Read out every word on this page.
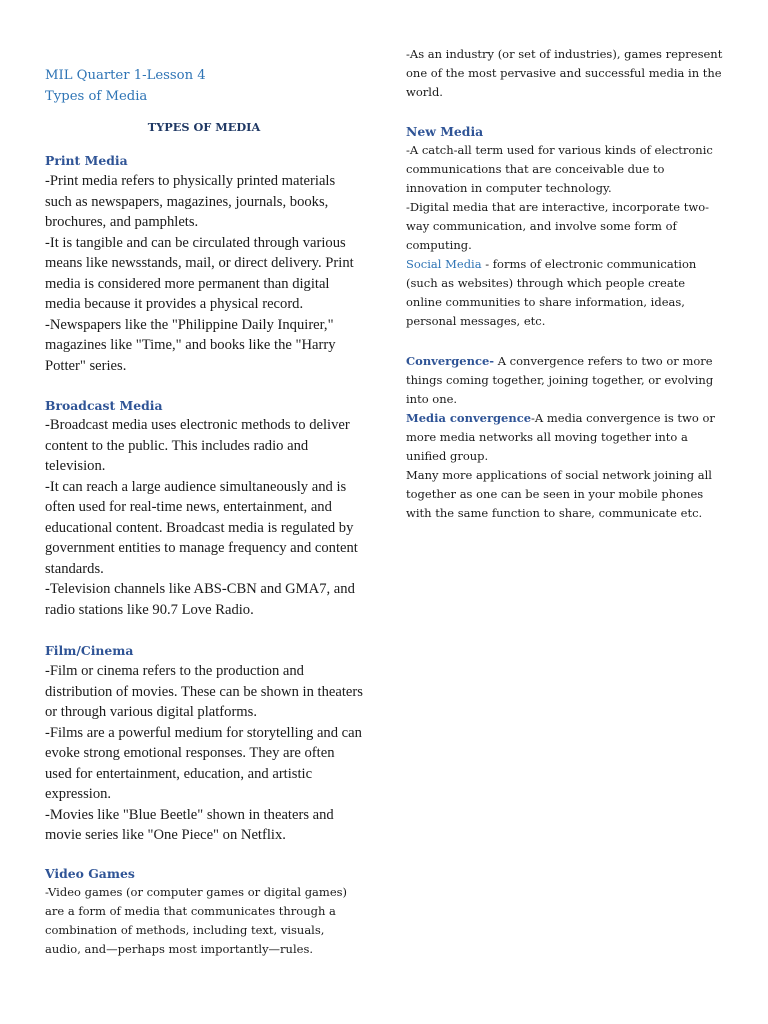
MIL Quarter 1-Lesson 4
Types of Media
TYPES OF MEDIA
Print Media

-Print media refers to physically printed materials such as newspapers, magazines, journals, books, brochures, and pamphlets.

-It is tangible and can be circulated through various means like newsstands, mail, or direct delivery. Print media is considered more permanent than digital media because it provides a physical record.

-Newspapers like the "Philippine Daily Inquirer," magazines like "Time," and books like the "Harry Potter" series.

Broadcast Media

-Broadcast media uses electronic methods to deliver content to the public. This includes radio and television.

-It can reach a large audience simultaneously and is often used for real-time news, entertainment, and educational content. Broadcast media is regulated by government entities to manage frequency and content standards.

-Television channels like ABS-CBN and GMA7, and radio stations like 90.7 Love Radio.

Film/Cinema

-Film or cinema refers to the production and distribution of movies. These can be shown in theaters or through various digital platforms.

-Films are a powerful medium for storytelling and can evoke strong emotional responses. They are often used for entertainment, education, and artistic expression.

-Movies like "Blue Beetle" shown in theaters and movie series like "One Piece" on Netflix.

Video Games

-Video games (or computer games or digital games) are a form of media that communicates through a combination of methods, including text, visuals, audio, and—perhaps most importantly—rules.

-As an industry (or set of industries), games represent one of the most pervasive and successful media in the world.

New Media

-A catch-all term used for various kinds of electronic communications that are conceivable due to innovation in computer technology.

-Digital media that are interactive, incorporate two-way communication, and involve some form of computing.

Social Media - forms of electronic communication (such as websites) through which people create online communities to share information, ideas, personal messages, etc.

Convergence- A convergence refers to two or more things coming together, joining together, or evolving into one.

Media convergence-A media convergence is two or more media networks all moving together into a unified group.

Many more applications of social network joining all together as one can be seen in your mobile phones with the same function to share, communicate etc.
